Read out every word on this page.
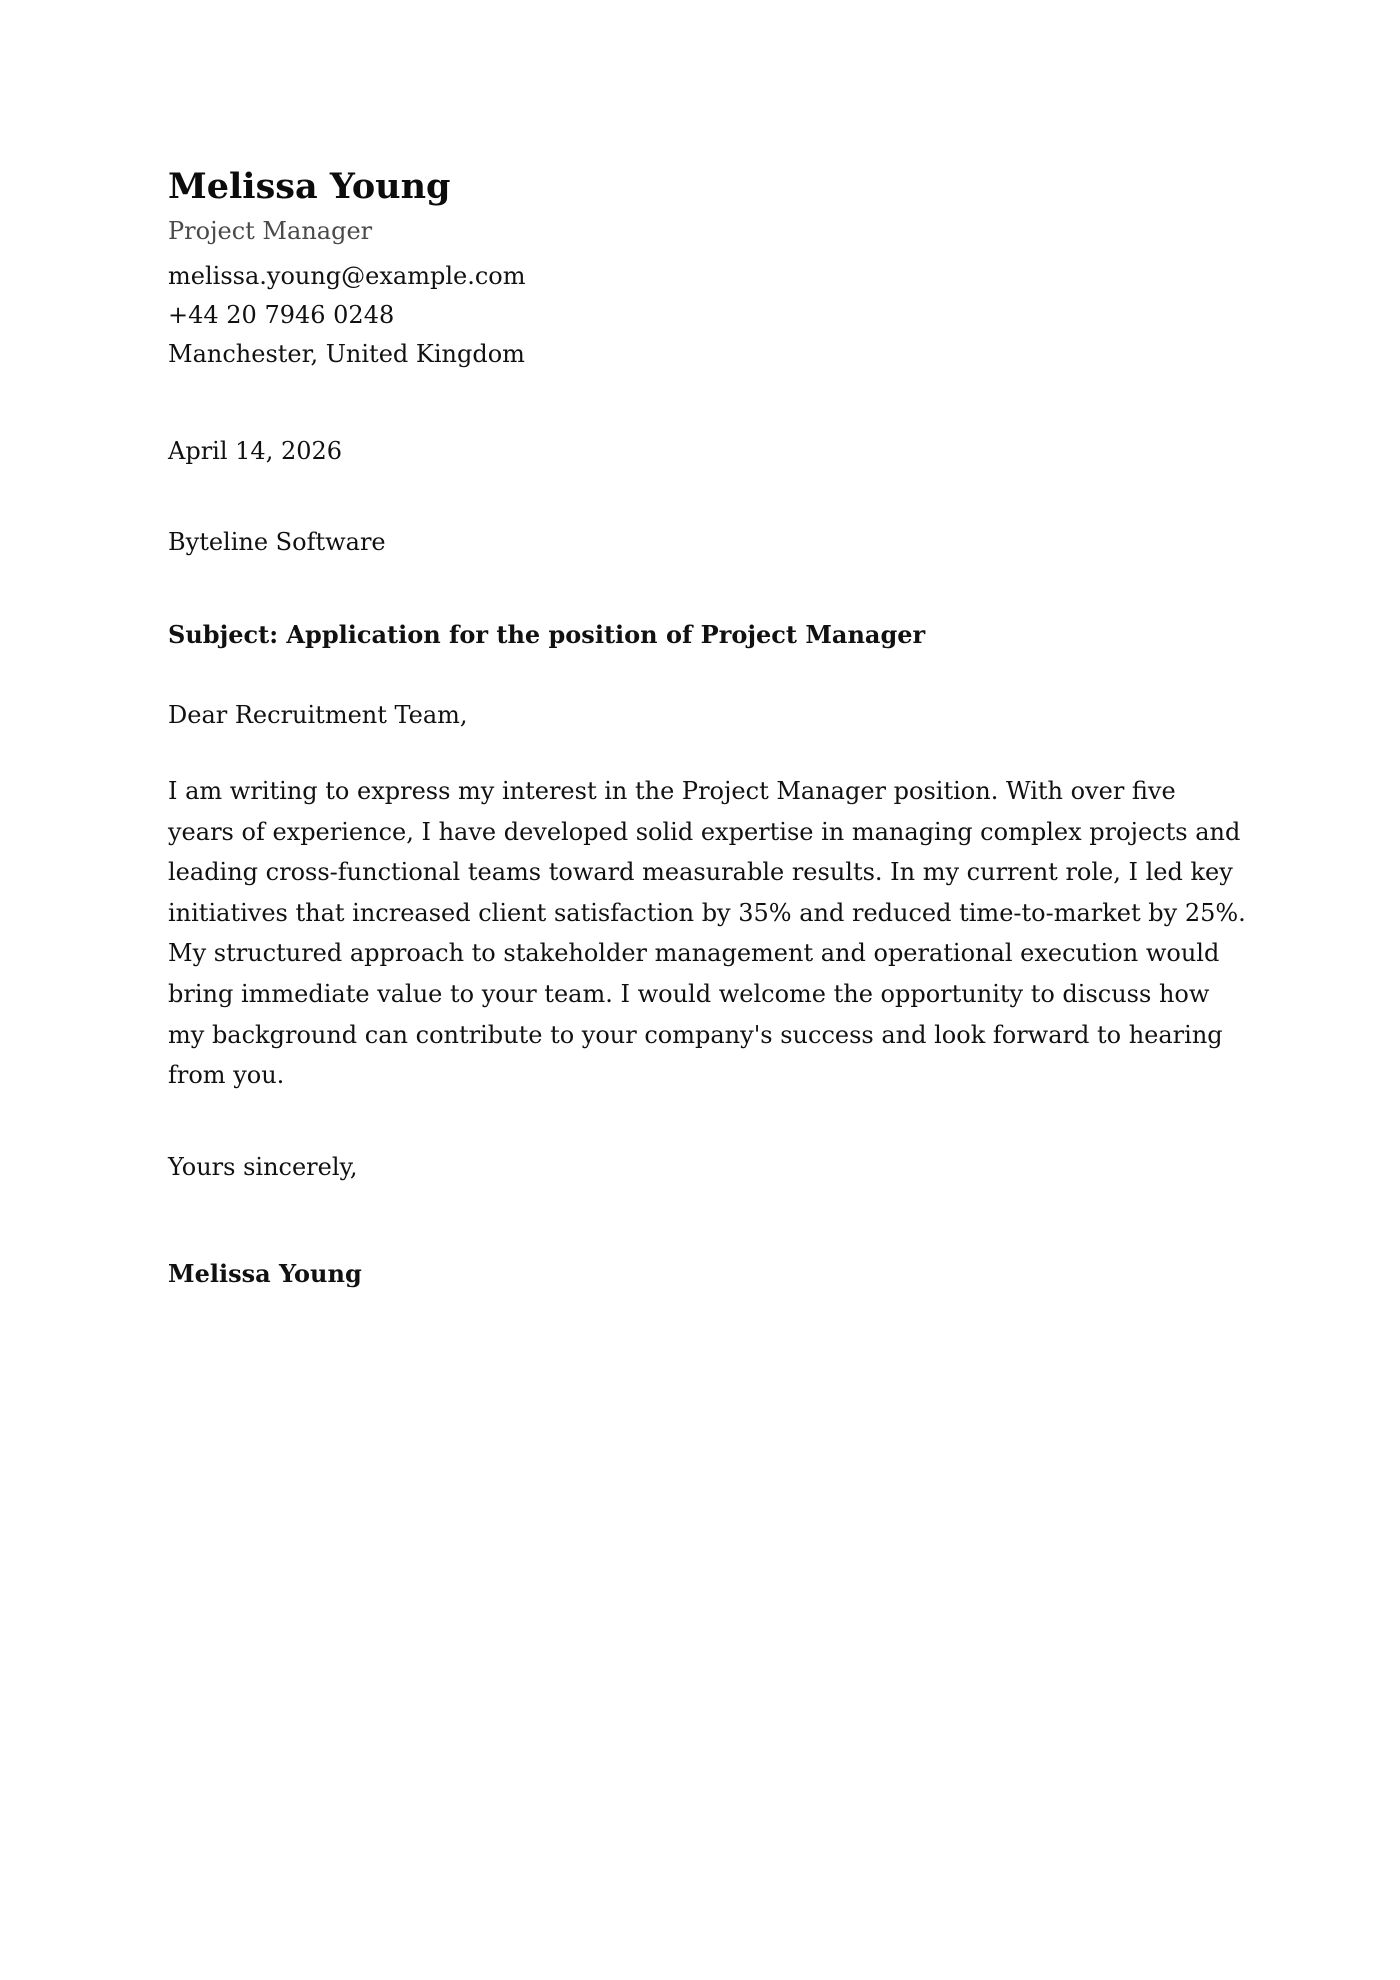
Melissa Young
Project Manager
melissa.young@example.com
+44 20 7946 0248
Manchester, United Kingdom
April 14, 2026
Byteline Software
Subject: Application for the position of Project Manager
Dear Recruitment Team,
I am writing to express my interest in the Project Manager position. With over five years of experience, I have developed solid expertise in managing complex projects and leading cross-functional teams toward measurable results. In my current role, I led key initiatives that increased client satisfaction by 35% and reduced time-to-market by 25%. My structured approach to stakeholder management and operational execution would bring immediate value to your team. I would welcome the opportunity to discuss how my background can contribute to your company's success and look forward to hearing from you.
Yours sincerely,
Melissa Young
